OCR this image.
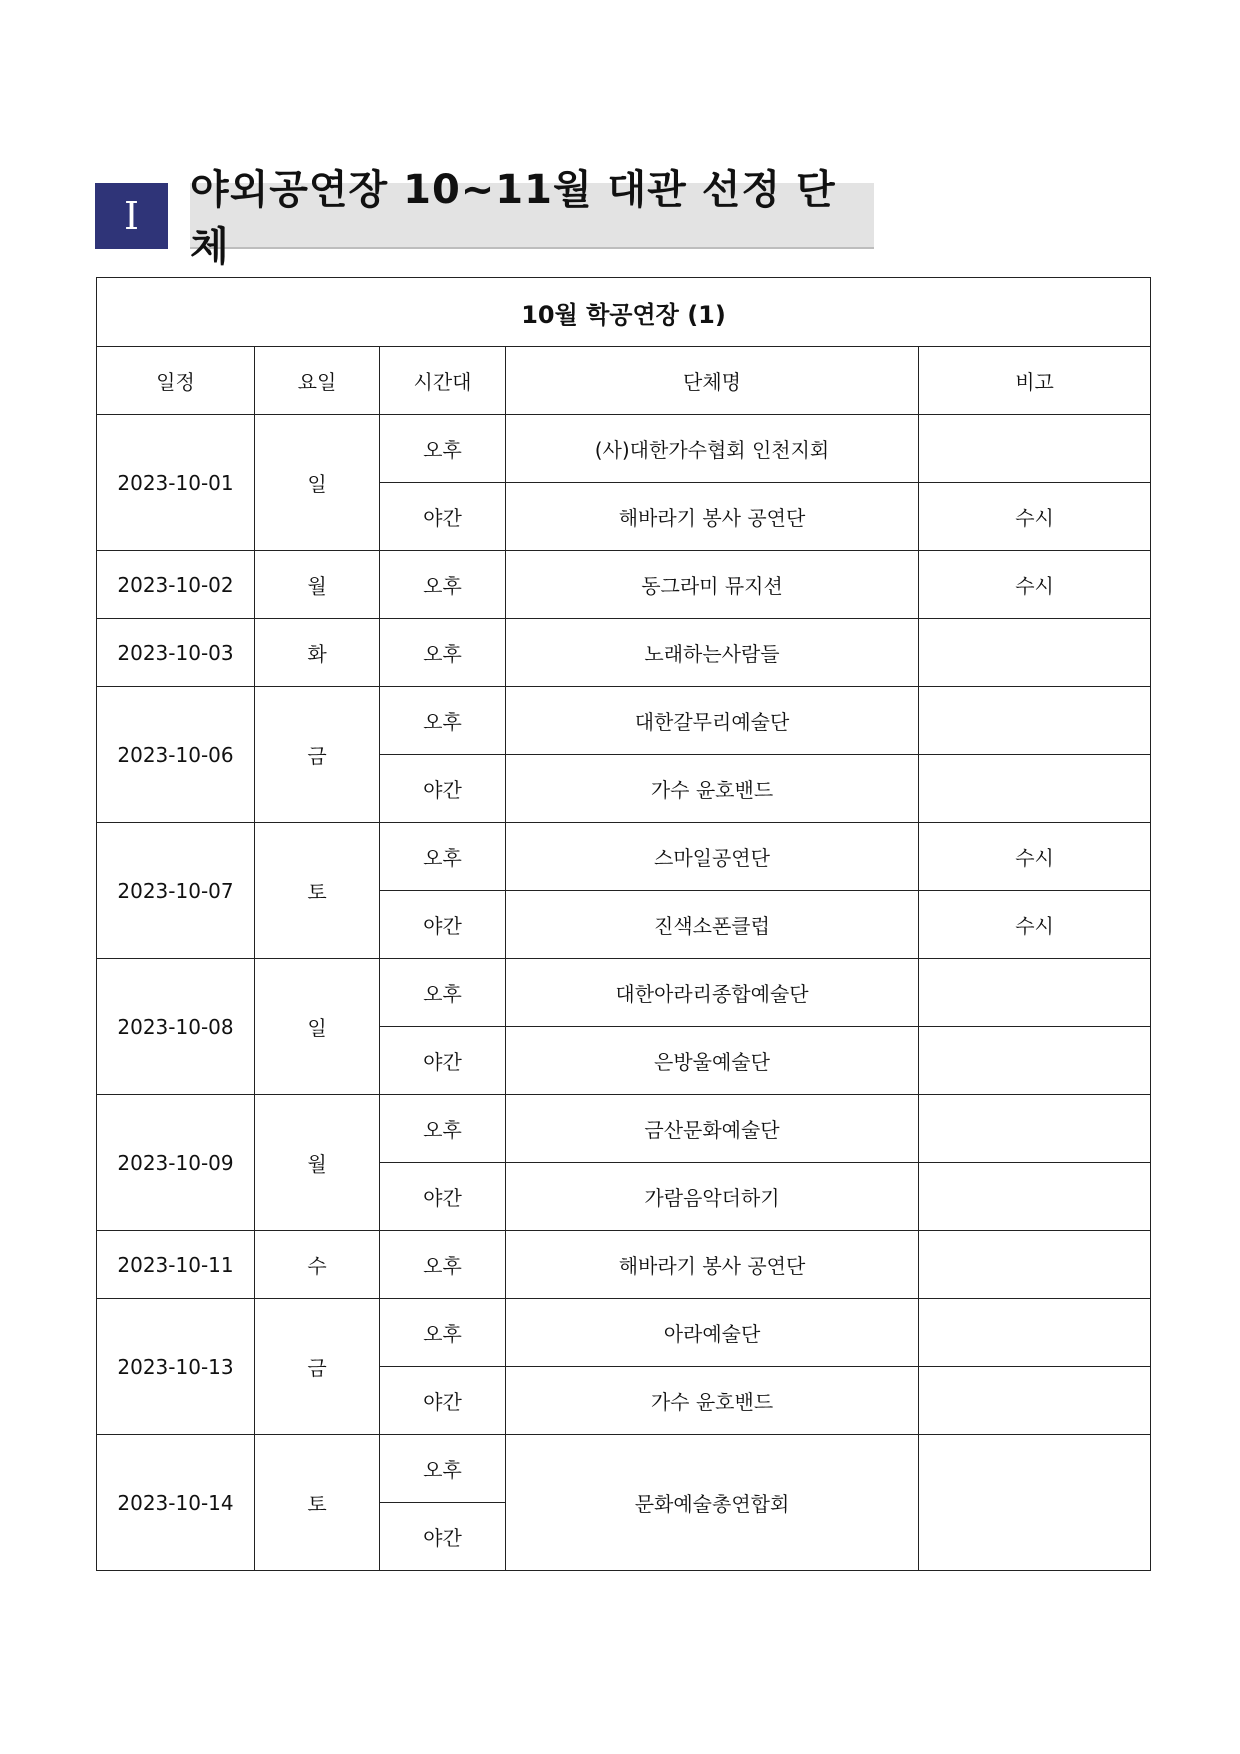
I
야외공연장 10~11월 대관 선정 단체
10월 학공연장 (1)				
일정	요일	시간대	단체명	비고
2023-10-01	일	오후	(사)대한가수협회 인천지회	
		야간	해바라기 봉사 공연단	수시
2023-10-02	월	오후	동그라미 뮤지션	수시
2023-10-03	화	오후	노래하는사람들	
2023-10-06	금	오후	대한갈무리예술단	
		야간	가수 윤호밴드	
2023-10-07	토	오후	스마일공연단	수시
		야간	진색소폰클럽	수시
2023-10-08	일	오후	대한아라리종합예술단	
		야간	은방울예술단	
2023-10-09	월	오후	금산문화예술단	
		야간	가람음악더하기	
2023-10-11	수	오후	해바라기 봉사 공연단	
2023-10-13	금	오후	아라예술단	
		야간	가수 윤호밴드	
2023-10-14	토	오후	문화예술총연합회	
		야간		
